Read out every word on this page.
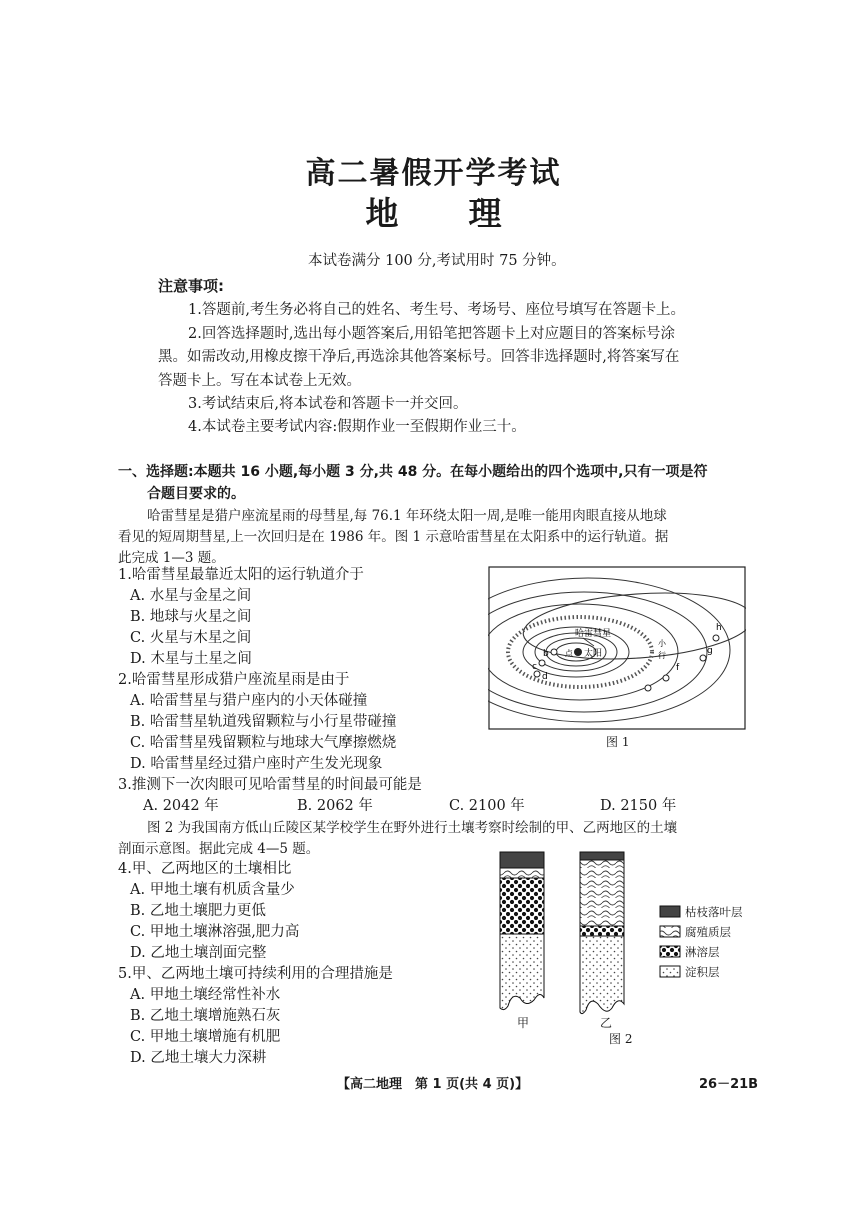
高二暑假开学考试
地 理
本试卷满分 100 分,考试用时 75 分钟。
注意事项:
1.答题前,考生务必将自己的姓名、考生号、考场号、座位号填写在答题卡上。
2.回答选择题时,选出每小题答案后,用铅笔把答题卡上对应题目的答案标号涂
黑。如需改动,用橡皮擦干净后,再选涂其他答案标号。回答非选择题时,将答案写在
答题卡上。写在本试卷上无效。
3.考试结束后,将本试卷和答题卡一并交回。
4.本试卷主要考试内容:假期作业一至假期作业三十。
一、选择题:本题共 16 小题,每小题 3 分,共 48 分。在每小题给出的四个选项中,只有一项是符
合题目要求的。
哈雷彗星是猎户座流星雨的母彗星,每 76.1 年环绕太阳一周,是唯一能用肉眼直接从地球
看见的短周期彗星,上一次回归是在 1986 年。图 1 示意哈雷彗星在太阳系中的运行轨道。据
此完成 1—3 题。
1.哈雷彗星最靠近太阳的运行轨道介于
A. 水星与金星之间
B. 地球与火星之间
C. 火星与木星之间
D. 木星与土星之间
2.哈雷彗星形成猎户座流星雨是由于
A. 哈雷彗星与猎户座内的小天体碰撞
B. 哈雷彗星轨道残留颗粒与小行星带碰撞
C. 哈雷彗星残留颗粒与地球大气摩擦燃烧
D. 哈雷彗星经过猎户座时产生发光现象
3.推测下一次肉眼可见哈雷彗星的时间最可能是
A. 2042 年	B. 2062 年	C. 2100 年	D. 2150 年
图 2 为我国南方低山丘陵区某学校学生在野外进行土壤考察时绘制的甲、乙两地区的土壤
剖面示意图。据此完成 4—5 题。
4.甲、乙两地区的土壤相比
A. 甲地土壤有机质含量少
B. 乙地土壤肥力更低
C. 甲地土壤淋溶强,肥力高
D. 乙地土壤剖面完整
5.甲、乙两地土壤可持续利用的合理措施是
A. 甲地土壤经常性补水
B. 乙地土壤增施熟石灰
C. 甲地土壤增施有机肥
D. 乙地土壤大力深耕
哈雷彗星
点 太阳
b
c
d
f
g
h
小
行
图 1
枯枝落叶层
腐殖质层
淋溶层
淀积层
甲	乙
图 2
【高二地理　第 1 页(共 4 页)】	26－21B
